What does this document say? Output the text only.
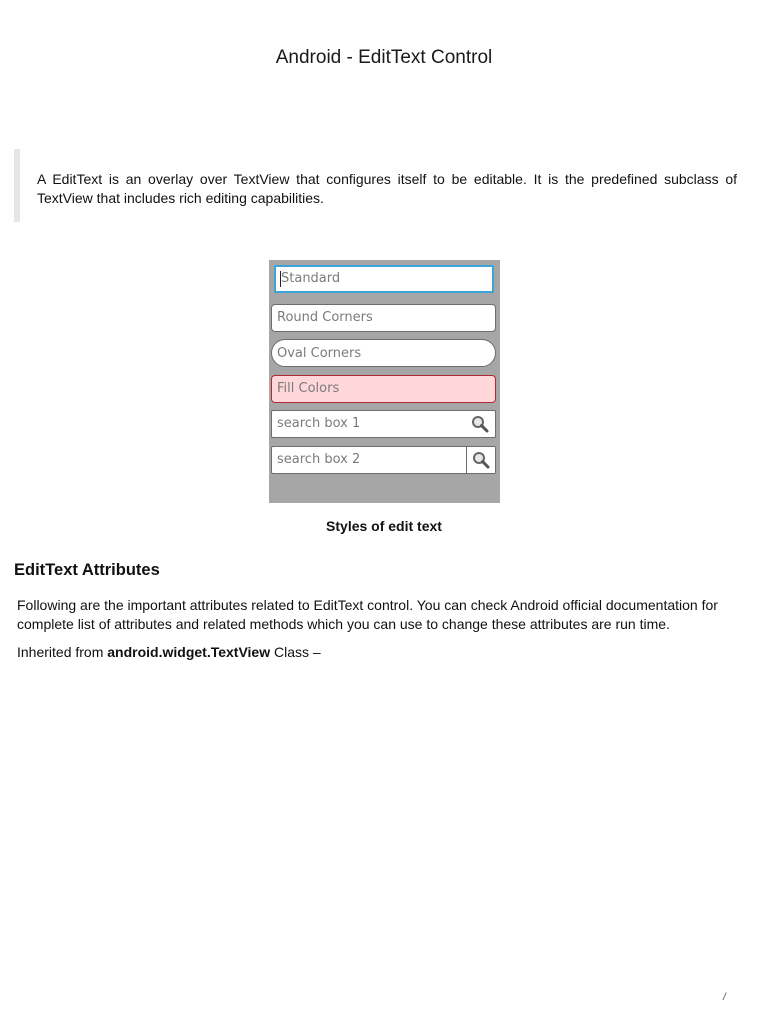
Android - EditText Control

A EditText is an overlay over TextView that configures itself to be editable. It is the predefined subclass of TextView that includes rich editing capabilities.

Standard
Round Corners
Oval Corners
Fill Colors
search box 1
search box 2
Styles of edit text
EditText Attributes

Following are the important attributes related to EditText control. You can check Android official documentation for complete list of attributes and related methods which you can use to change these attributes are run time.

Inherited from android.widget.TextView Class –

/
